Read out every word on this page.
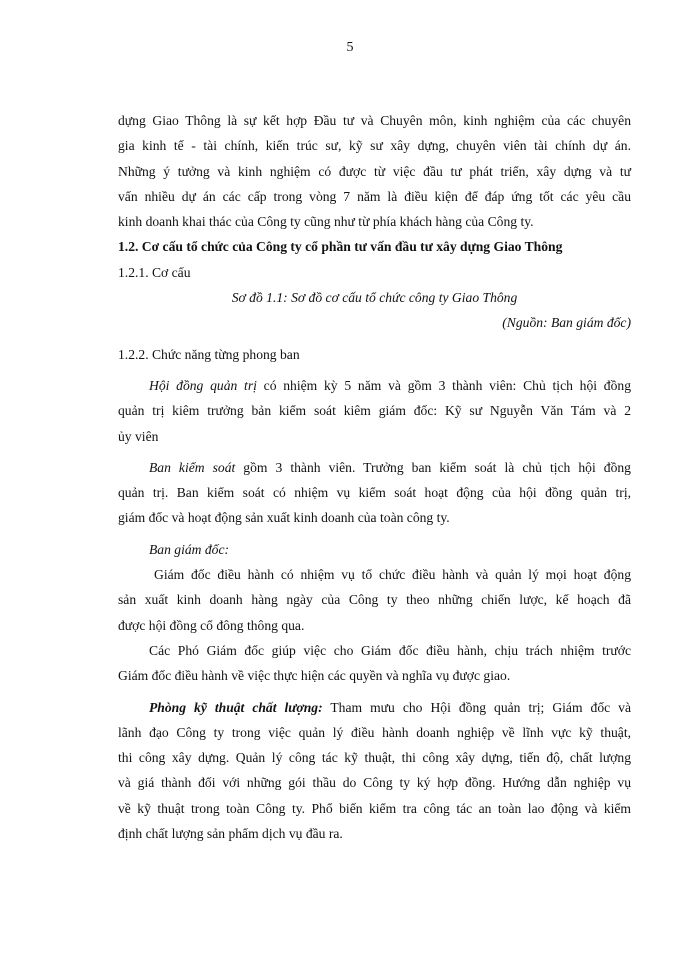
5
dựng Giao Thông là sự kết hợp Đầu tư và Chuyên môn, kinh nghiệm của các chuyên
gia kinh tế - tài chính, kiến trúc sư, kỹ sư xây dựng, chuyên viên tài chính dự án.
Những ý tưởng và kinh nghiệm có được từ việc đầu tư phát triển, xây dựng và tư
vấn nhiều dự án các cấp trong vòng 7 năm là điều kiện để đáp ứng tốt các yêu cầu
kinh doanh khai thác của Công ty cũng như từ phía khách hàng của Công ty.
1.2. Cơ cấu tổ chức của Công ty cổ phần tư vấn đầu tư xây dựng Giao Thông
1.2.1. Cơ cấu
Sơ đồ 1.1: Sơ đồ cơ cấu tổ chức công ty Giao Thông
(Nguồn: Ban giám đốc)
1.2.2. Chức năng từng phong ban
Hội đồng quản trị có nhiệm kỳ 5 năm và gồm 3 thành viên: Chủ tịch hội đồng
quản trị kiêm trưởng bản kiểm soát kiêm giám đốc: Kỹ sư Nguyễn Văn Tám và 2
ủy viên
Ban kiểm soát gồm 3 thành viên. Trưởng ban kiểm soát là chủ tịch hội đồng
quản trị. Ban kiểm soát có nhiệm vụ kiểm soát hoạt động của hội đồng quản trị,
giám đốc và hoạt động sản xuất kinh doanh của toàn công ty.
Ban giám đốc:
Giám đốc điều hành có nhiệm vụ tổ chức điều hành và quản lý mọi hoạt động
sản xuất kinh doanh hàng ngày của Công ty theo những chiến lược, kế hoạch đã
được hội đồng cổ đông thông qua.
Các Phó Giám đốc giúp việc cho Giám đốc điều hành, chịu trách nhiệm trước
Giám đốc điều hành về việc thực hiện các quyền và nghĩa vụ được giao.
Phòng kỹ thuật chất lượng: Tham mưu cho Hội đồng quản trị; Giám đốc và
lãnh đạo Công ty trong việc quản lý điều hành doanh nghiệp về lĩnh vực kỹ thuật,
thi công xây dựng. Quản lý công tác kỹ thuật, thi công xây dựng, tiến độ, chất lượng
và giá thành đối với những gói thầu do Công ty ký hợp đồng. Hướng dẫn nghiệp vụ
về kỹ thuật trong toàn Công ty. Phổ biến kiểm tra công tác an toàn lao động và kiểm
định chất lượng sản phẩm dịch vụ đầu ra.
